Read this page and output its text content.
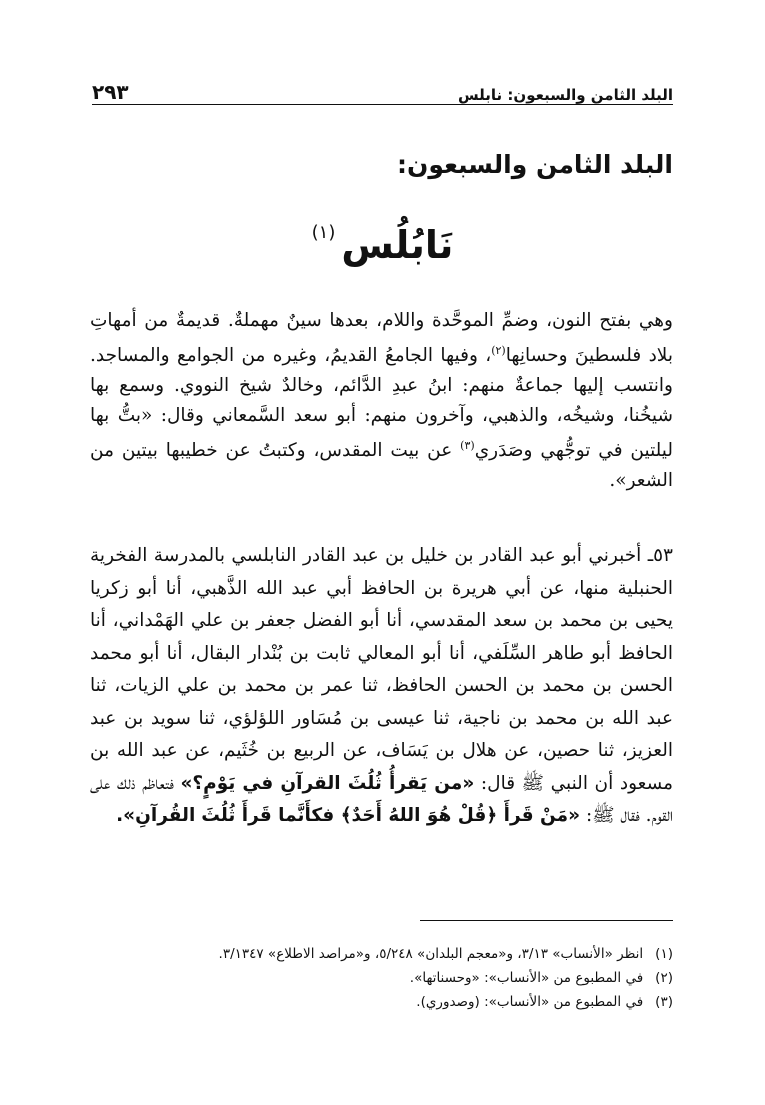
البلد الثامن والسبعون: نابلس
٢٩٣
البلد الثامن والسبعون:
نَابُلُس$^{(١)}$
وهي بفتح النون، وضمِّ الموحَّدة واللام، بعدها سينٌ مهملةٌ. قديمةٌ من أمهاتِ بلاد فلسطينَ وحسانِها$^{(٢)}$، وفيها الجامعُ القديمُ، وغيره من الجوامع والمساجد. وانتسب إليها جماعةٌ منهم: ابنُ عبدِ الدَّائم، وخالدٌ شيخ النووي. وسمع بها شيخُنا، وشيخُه، والذهبي، وآخرون منهم: أبو سعد السَّمعاني وقال: «بتُّ بها ليلتين في توجُّهي وصَدَري$^{(٣)}$ عن بيت المقدس، وكتبتُ عن خطيبها بيتين من الشعر».
٥٣ـ أخبرني أبو عبد القادر بن خليل بن عبد القادر النابلسي بالمدرسة الفخرية الحنبلية منها، عن أبي هريرة بن الحافظ أبي عبد الله الذَّهبي، أنا أبو زكريا يحيى بن محمد بن سعد المقدسي، أنا أبو الفضل جعفر بن علي الهَمْداني، أنا الحافظ أبو طاهر السِّلَفي، أنا أبو المعالي ثابت بن بُنْدار البقال، أنا أبو محمد الحسن بن محمد بن الحسن الحافظ، ثنا عمر بن محمد بن علي الزيات، ثنا عبد الله بن محمد بن ناجية، ثنا عيسى بن مُسَاور اللؤلؤي، ثنا سويد بن عبد العزيز، ثنا حصين، عن هلال بن يَسَاف، عن الربيع بن خُثَيم، عن عبد الله بن مسعود أن النبي ﷺ قال: «من يَقرأُ ثُلُثَ القرآنِ في يَوْمٍ؟» فتعاظم ذلك على القوم. فقال ﷺ: «مَنْ قَرأَ ﴿قُلْ هُوَ اللهُ أَحَدٌ﴾ فكأَنَّما قَرأَ ثُلُثَ القُرآنِ».
(١)
انظر «الأنساب» ٣/١٣، و«معجم البلدان» ٥/٢٤٨، و«مراصد الاطلاع» ٣/١٣٤٧.
(٢)
في المطبوع من «الأنساب»: «وحسناتها».
(٣)
في المطبوع من «الأنساب»: (وصدوري).
